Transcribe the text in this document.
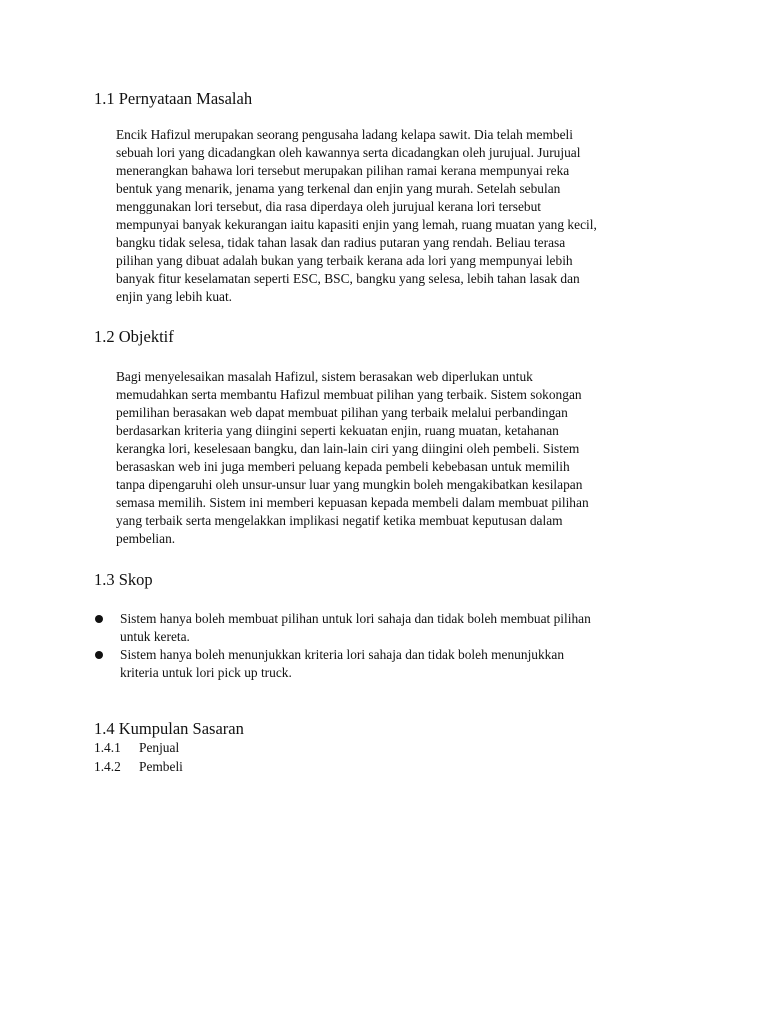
1.1 Pernyataan Masalah
Encik Hafizul merupakan seorang pengusaha ladang kelapa sawit. Dia telah membeli
sebuah lori yang dicadangkan oleh kawannya serta dicadangkan oleh jurujual. Jurujual
menerangkan bahawa lori tersebut merupakan pilihan ramai kerana mempunyai reka
bentuk yang menarik, jenama yang terkenal dan enjin yang murah. Setelah sebulan
menggunakan lori tersebut, dia rasa diperdaya oleh jurujual kerana lori tersebut
mempunyai banyak kekurangan iaitu kapasiti enjin yang lemah, ruang muatan yang kecil,
bangku tidak selesa, tidak tahan lasak dan radius putaran yang rendah. Beliau terasa
pilihan yang dibuat adalah bukan yang terbaik kerana ada lori yang mempunyai lebih
banyak fitur keselamatan seperti ESC, BSC, bangku yang selesa, lebih tahan lasak dan
enjin yang lebih kuat.
1.2 Objektif
Bagi menyelesaikan masalah Hafizul, sistem berasakan web diperlukan untuk
memudahkan serta membantu Hafizul membuat pilihan yang terbaik. Sistem sokongan
pemilihan berasakan web dapat membuat pilihan yang terbaik melalui perbandingan
berdasarkan kriteria yang diingini seperti kekuatan enjin, ruang muatan, ketahanan
kerangka lori, keselesaan bangku, dan lain-lain ciri yang diingini oleh pembeli. Sistem
berasaskan web ini juga memberi peluang kepada pembeli kebebasan untuk memilih
tanpa dipengaruhi oleh unsur-unsur luar yang mungkin boleh mengakibatkan kesilapan
semasa memilih. Sistem ini memberi kepuasan kepada membeli dalam membuat pilihan
yang terbaik serta mengelakkan implikasi negatif ketika membuat keputusan dalam
pembelian.
1.3 Skop
Sistem hanya boleh membuat pilihan untuk lori sahaja dan tidak boleh membuat pilihan
untuk kereta.
Sistem hanya boleh menunjukkan kriteria lori sahaja dan tidak boleh menunjukkan
kriteria untuk lori pick up truck.
1.4 Kumpulan Sasaran
1.4.1 Penjual
1.4.2 Pembeli
